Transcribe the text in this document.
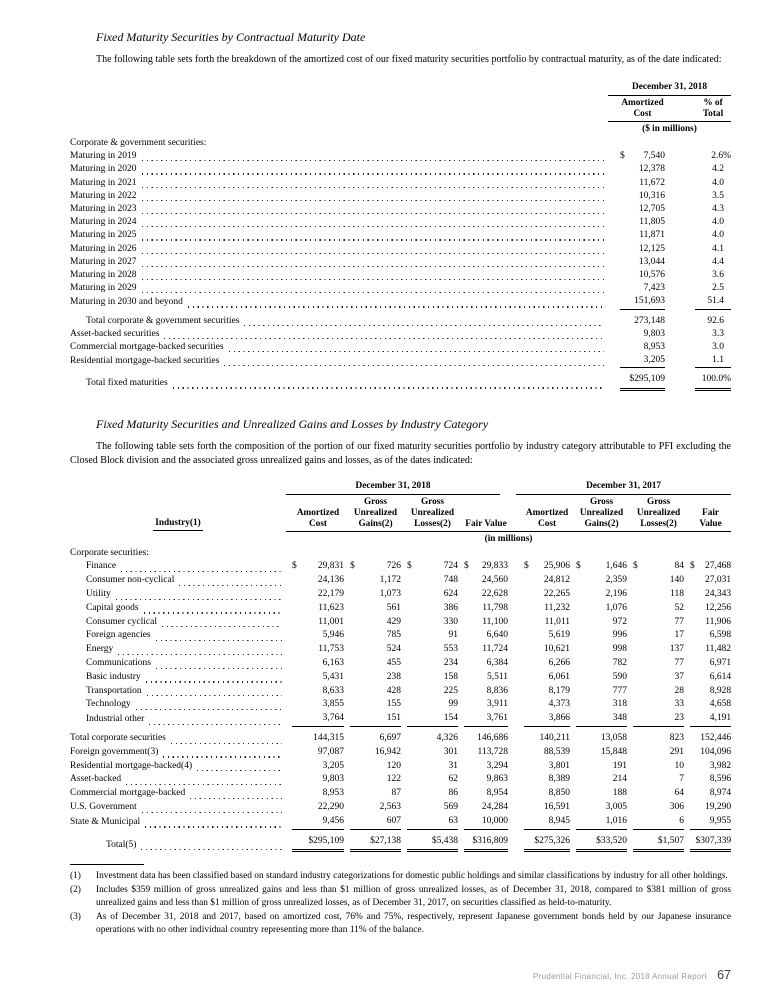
Fixed Maturity Securities by Contractual Maturity Date

The following table sets forth the breakdown of the amortized cost of our fixed maturity securities portfolio by contractual maturity, as of the date indicated:

	December 31, 2018	

	Amortized Cost	% of Total
	($ in millions)	

Corporate & government securities:		

Maturing in 2019	$ 7,540	2.6 %

Maturing in 2020	12,378	4.2

Maturing in 2021	11,672	4.0

Maturing in 2022	10,316	3.5

Maturing in 2023	12,705	4.3

Maturing in 2024	11,805	4.0

Maturing in 2025	11,871	4.0

Maturing in 2026	12,125	4.1

Maturing in 2027	13,044	4.4

Maturing in 2028	10,576	3.6

Maturing in 2029	7,423	2.5

Maturing in 2030 and beyond	151,693	51.4

Total corporate & government securities	273,148	92.6

Asset-backed securities	9,803	3.3

Commercial mortgage-backed securities	8,953	3.0

Residential mortgage-backed securities	3,205	1.1

Total fixed maturities	$295,109	100.0 %
Fixed Maturity Securities and Unrealized Gains and Losses by Industry Category

The following table sets forth the composition of the portion of our fixed maturity securities portfolio by industry category attributable to PFI excluding the Closed Block division and the associated gross unrealized gains and losses, as of the dates indicated:

Industry(1)	December 31, 2018				December 31, 2017			

	Amortized Cost	Gross Unrealized Gains(2)	Gross Unrealized Losses(2)	Fair Value	Amortized Cost	Gross Unrealized Gains(2)	Gross Unrealized Losses(2)	Fair Value
	(in millions)							

Corporate securities:								

Finance	$ 29,831	$ 726	$ 724	$ 29,833	$ 25,906	$ 1,646	$ 84	$ 27,468

Consumer non-cyclical	24,136	1,172	748	24,560	24,812	2,359	140	27,031

Utility	22,179	1,073	624	22,628	22,265	2,196	118	24,343

Capital goods	11,623	561	386	11,798	11,232	1,076	52	12,256

Consumer cyclical	11,001	429	330	11,100	11,011	972	77	11,906

Foreign agencies	5,946	785	91	6,640	5,619	996	17	6,598

Energy	11,753	524	553	11,724	10,621	998	137	11,482

Communications	6,163	455	234	6,384	6,266	782	77	6,971

Basic industry	5,431	238	158	5,511	6,061	590	37	6,614

Transportation	8,633	428	225	8,836	8,179	777	28	8,928

Technology	3,855	155	99	3,911	4,373	318	33	4,658

Industrial other	3,764	151	154	3,761	3,866	348	23	4,191

Total corporate securities	144,315	6,697	4,326	146,686	140,211	13,058	823	152,446

Foreign government(3)	97,087	16,942	301	113,728	88,539	15,848	291	104,096

Residential mortgage-backed(4)	3,205	120	31	3,294	3,801	191	10	3,982

Asset-backed	9,803	122	62	9,863	8,389	214	7	8,596

Commercial mortgage-backed	8,953	87	86	8,954	8,850	188	64	8,974

U.S. Government	22,290	2,563	569	24,284	16,591	3,005	306	19,290

State & Municipal	9,456	607	63	10,000	8,945	1,016	6	9,955

Total(5)	$295,109	$27,138	$5,438	$316,809	$275,326	$33,520	$1,507	$307,339
(1)	Investment data has been classified based on standard industry categorizations for domestic public holdings and similar classifications by industry for all other holdings.
(2)	Includes $359 million of gross unrealized gains and less than $1 million of gross unrealized losses, as of December 31, 2018, compared to $381 million of gross unrealized gains and less than $1 million of gross unrealized losses, as of December 31, 2017, on securities classified as held-to-maturity.
(3)	As of December 31, 2018 and 2017, based on amortized cost, 76% and 75%, respectively, represent Japanese government bonds held by our Japanese insurance operations with no other individual country representing more than 11% of the balance.
Prudential Financial, Inc. 2018 Annual Report 67
